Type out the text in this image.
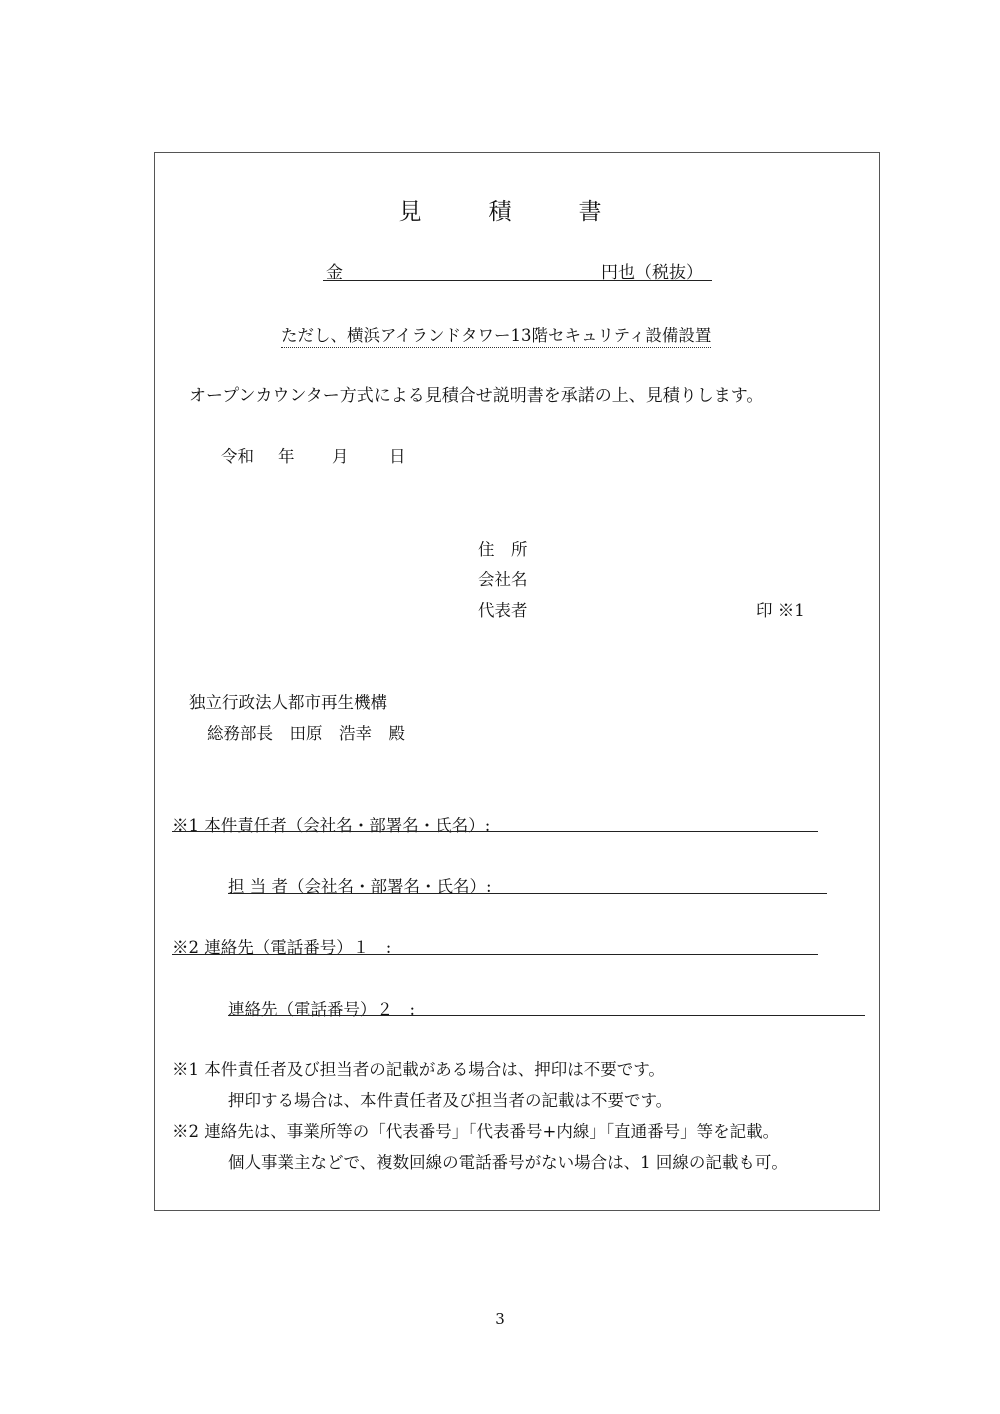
見	積	書
金	円也（税抜）
ただし、横浜アイランドタワー13階セキュリティ設備設置
オープンカウンター方式による見積合せ説明書を承諾の上、見積りします。
令和 年 月 日
住　所
会社名
代表者	印 ※1
独立行政法人都市再生機構
総務部長　田原　浩幸　殿
※1 本件責任者（会社名・部署名・氏名）:
担 当 者（会社名・部署名・氏名）:
※2 連絡先（電話番号）１　:
連絡先（電話番号）２　:
※1 本件責任者及び担当者の記載がある場合は、押印は不要です。
押印する場合は、本件責任者及び担当者の記載は不要です。
※2 連絡先は、事業所等の「代表番号」「代表番号+内線」「直通番号」等を記載。
個人事業主などで、複数回線の電話番号がない場合は、1 回線の記載も可。
3
